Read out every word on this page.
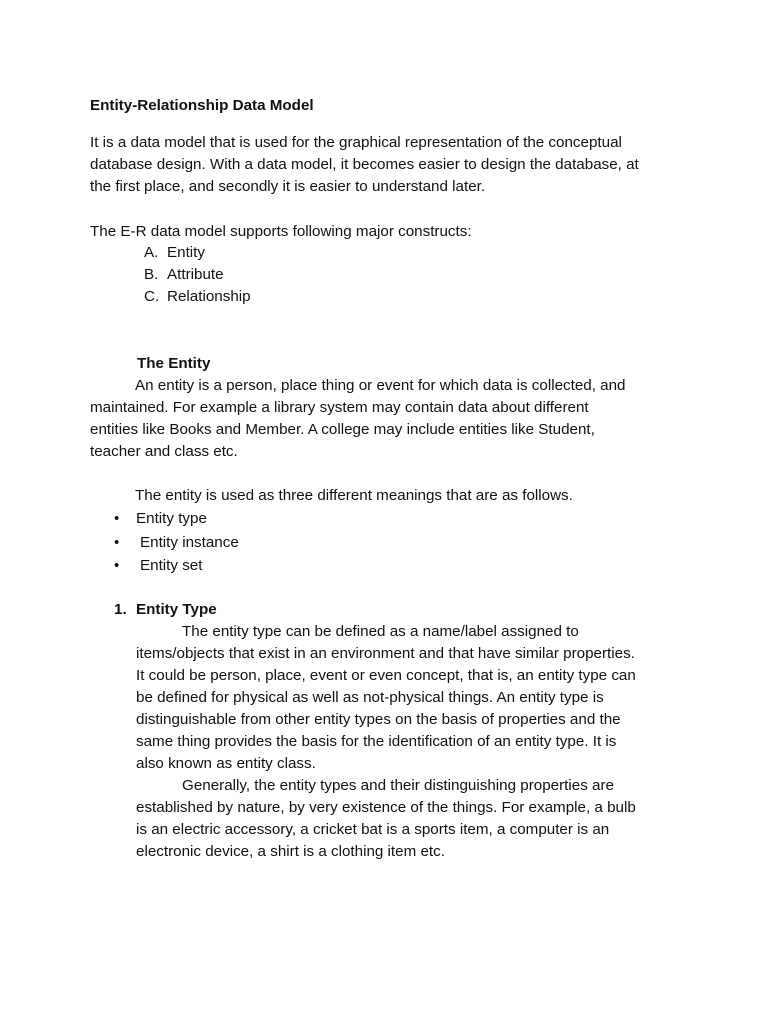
Entity-Relationship Data Model
It is a data model that is used for the graphical representation of the conceptual
database design. With a data model, it becomes easier to design the database, at
the first place, and secondly it is easier to understand later.
The E-R data model supports following major constructs:
A. Entity
B. Attribute
C. Relationship
The Entity
An entity is a person, place thing or event for which data is collected, and
maintained. For example a library system may contain data about different
entities like Books and Member. A college may include entities like Student,
teacher and class etc.
The entity is used as three different meanings that are as follows.
• Entity type
• Entity instance
• Entity set
1. Entity Type
The entity type can be defined as a name/label assigned to
items/objects that exist in an environment and that have similar properties.
It could be person, place, event or even concept, that is, an entity type can
be defined for physical as well as not-physical things. An entity type is
distinguishable from other entity types on the basis of properties and the
same thing provides the basis for the identification of an entity type. It is
also known as entity class.
Generally, the entity types and their distinguishing properties are
established by nature, by very existence of the things. For example, a bulb
is an electric accessory, a cricket bat is a sports item, a computer is an
electronic device, a shirt is a clothing item etc.
